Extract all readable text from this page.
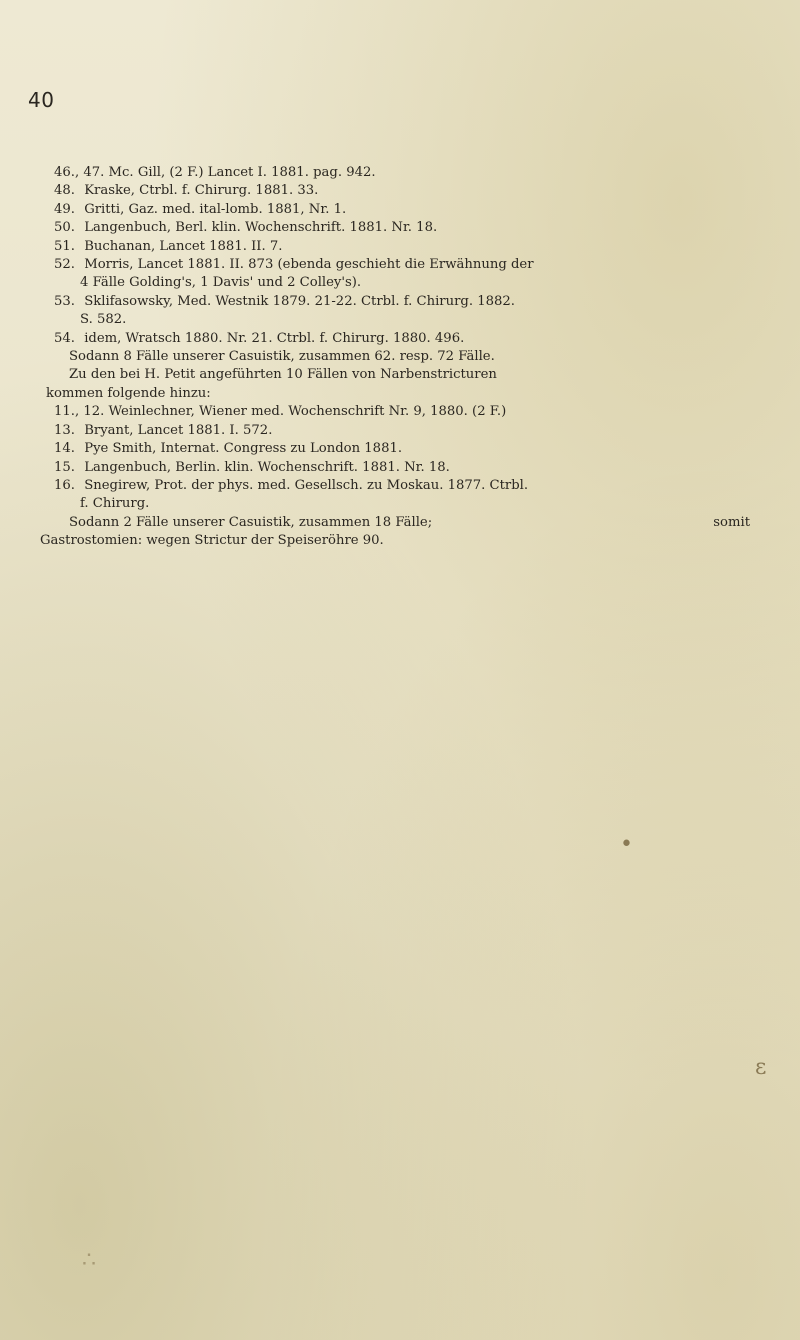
40
46., 47. Mc. Gill, (2 F.) Lancet I. 1881. pag. 942.
48. Kraske, Ctrbl. f. Chirurg. 1881. 33.
49. Gritti, Gaz. med. ital-lomb. 1881, Nr. 1.
50. Langenbuch, Berl. klin. Wochenschrift. 1881. Nr. 18.
51. Buchanan, Lancet 1881. II. 7.
52. Morris, Lancet 1881. II. 873 (ebenda geschieht die Erwähnung der
4 Fälle Golding's, 1 Davis' und 2 Colley's).
53. Sklifasowsky, Med. Westnik 1879. 21-22. Ctrbl. f. Chirurg. 1882.
S. 582.
54. idem, Wratsch 1880. Nr. 21. Ctrbl. f. Chirurg. 1880. 496.
Sodann 8 Fälle unserer Casuistik, zusammen 62. resp. 72 Fälle.
Zu den bei H. Petit angeführten 10 Fällen von Narbenstricturen
kommen folgende hinzu:
11., 12. Weinlechner, Wiener med. Wochenschrift Nr. 9, 1880. (2 F.)
13. Bryant, Lancet 1881. I. 572.
14. Pye Smith, Internat. Congress zu London 1881.
15. Langenbuch, Berlin. klin. Wochenschrift. 1881. Nr. 18.
16. Snegirew, Prot. der phys. med. Gesellsch. zu Moskau. 1877. Ctrbl.
f. Chirurg.
Sodann 2 Fälle unserer Casuistik, zusammen 18 Fälle;	somit
Gastrostomien: wegen Strictur der Speiseröhre 90.
•
ɛ
∴
